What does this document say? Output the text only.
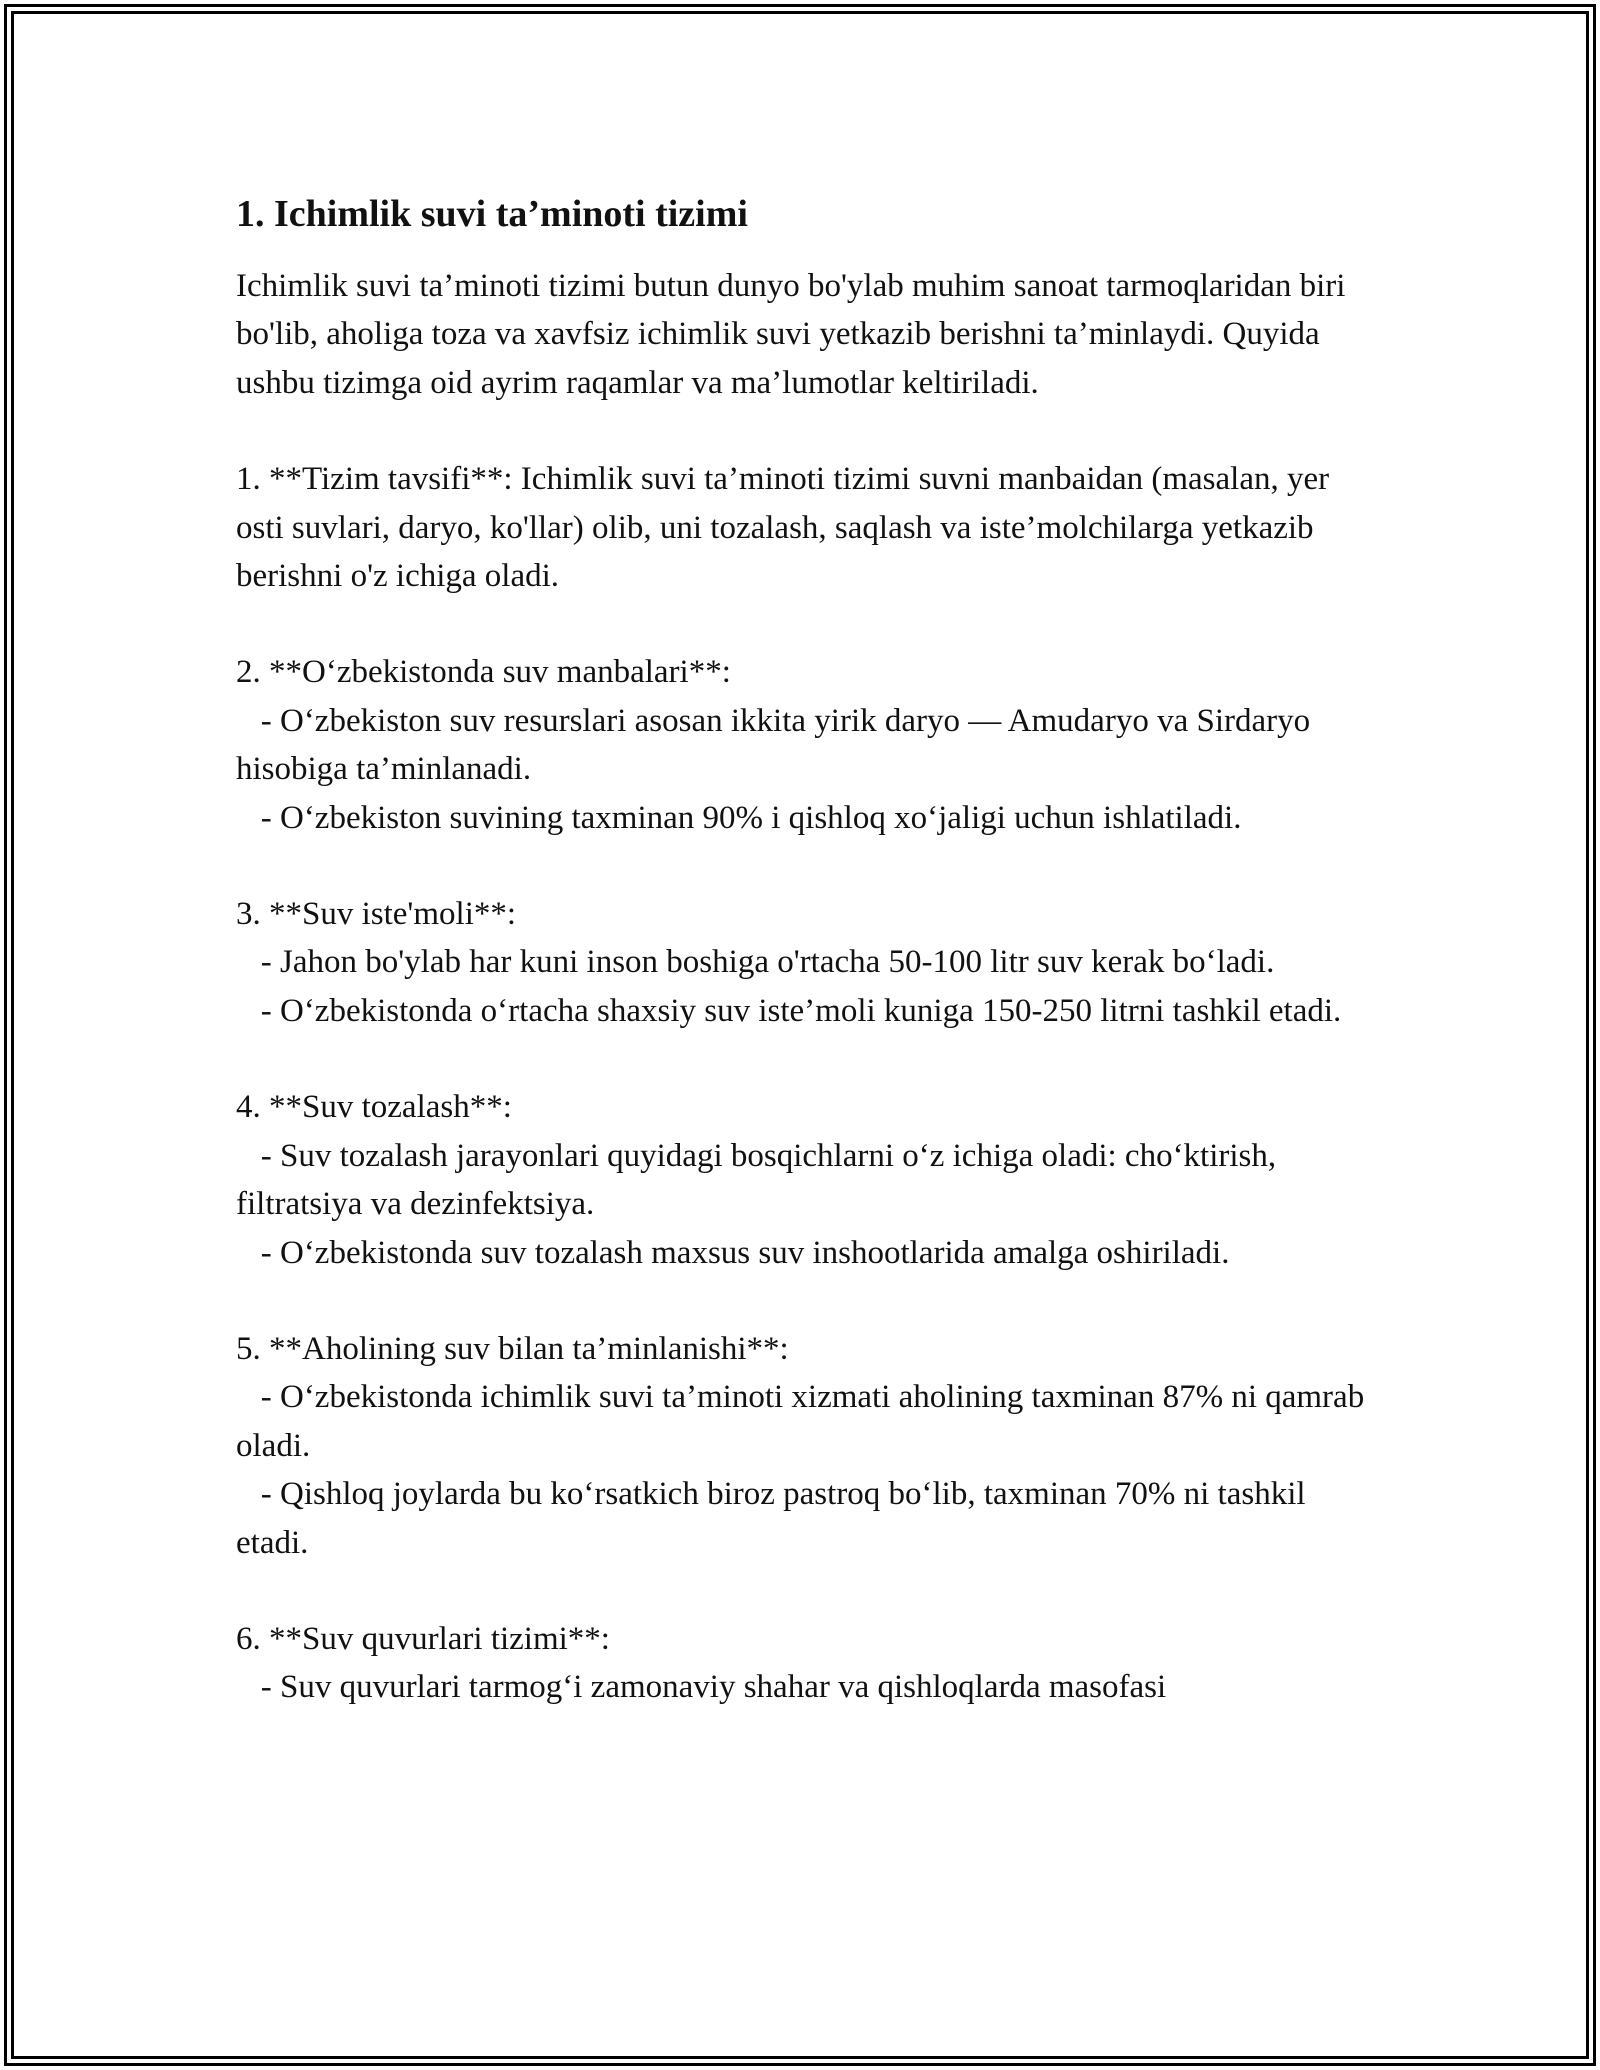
1. Ichimlik suvi ta’minoti tizimi

Ichimlik suvi ta’minoti tizimi butun dunyo bo'ylab muhim sanoat tarmoqlaridan biri bo'lib, aholiga toza va xavfsiz ichimlik suvi yetkazib berishni ta’minlaydi. Quyida ushbu tizimga oid ayrim raqamlar va ma’lumotlar keltiriladi.

1. **Tizim tavsifi**: Ichimlik suvi ta’minoti tizimi suvni manbaidan (masalan, yer osti suvlari, daryo, ko'llar) olib, uni tozalash, saqlash va iste’molchilarga yetkazib berishni o'z ichiga oladi.

2. **O‘zbekistonda suv manbalari**:
- O‘zbekiston suv resurslari asosan ikkita yirik daryo — Amudaryo va Sirdaryo hisobiga ta’minlanadi.
- O‘zbekiston suvining taxminan 90% i qishloq xo‘jaligi uchun ishlatiladi.

3. **Suv iste'moli**:
- Jahon bo'ylab har kuni inson boshiga o'rtacha 50-100 litr suv kerak bo‘ladi.
- O‘zbekistonda o‘rtacha shaxsiy suv iste’moli kuniga 150-250 litrni tashkil etadi.

4. **Suv tozalash**:
- Suv tozalash jarayonlari quyidagi bosqichlarni o‘z ichiga oladi: cho‘ktirish, filtratsiya va dezinfektsiya.
- O‘zbekistonda suv tozalash maxsus suv inshootlarida amalga oshiriladi.

5. **Aholining suv bilan ta’minlanishi**:
- O‘zbekistonda ichimlik suvi ta’minoti xizmati aholining taxminan 87% ni qamrab oladi.
- Qishloq joylarda bu ko‘rsatkich biroz pastroq bo‘lib, taxminan 70% ni tashkil etadi.

6. **Suv quvurlari tizimi**:
- Suv quvurlari tarmog‘i zamonaviy shahar va qishloqlarda masofasi
